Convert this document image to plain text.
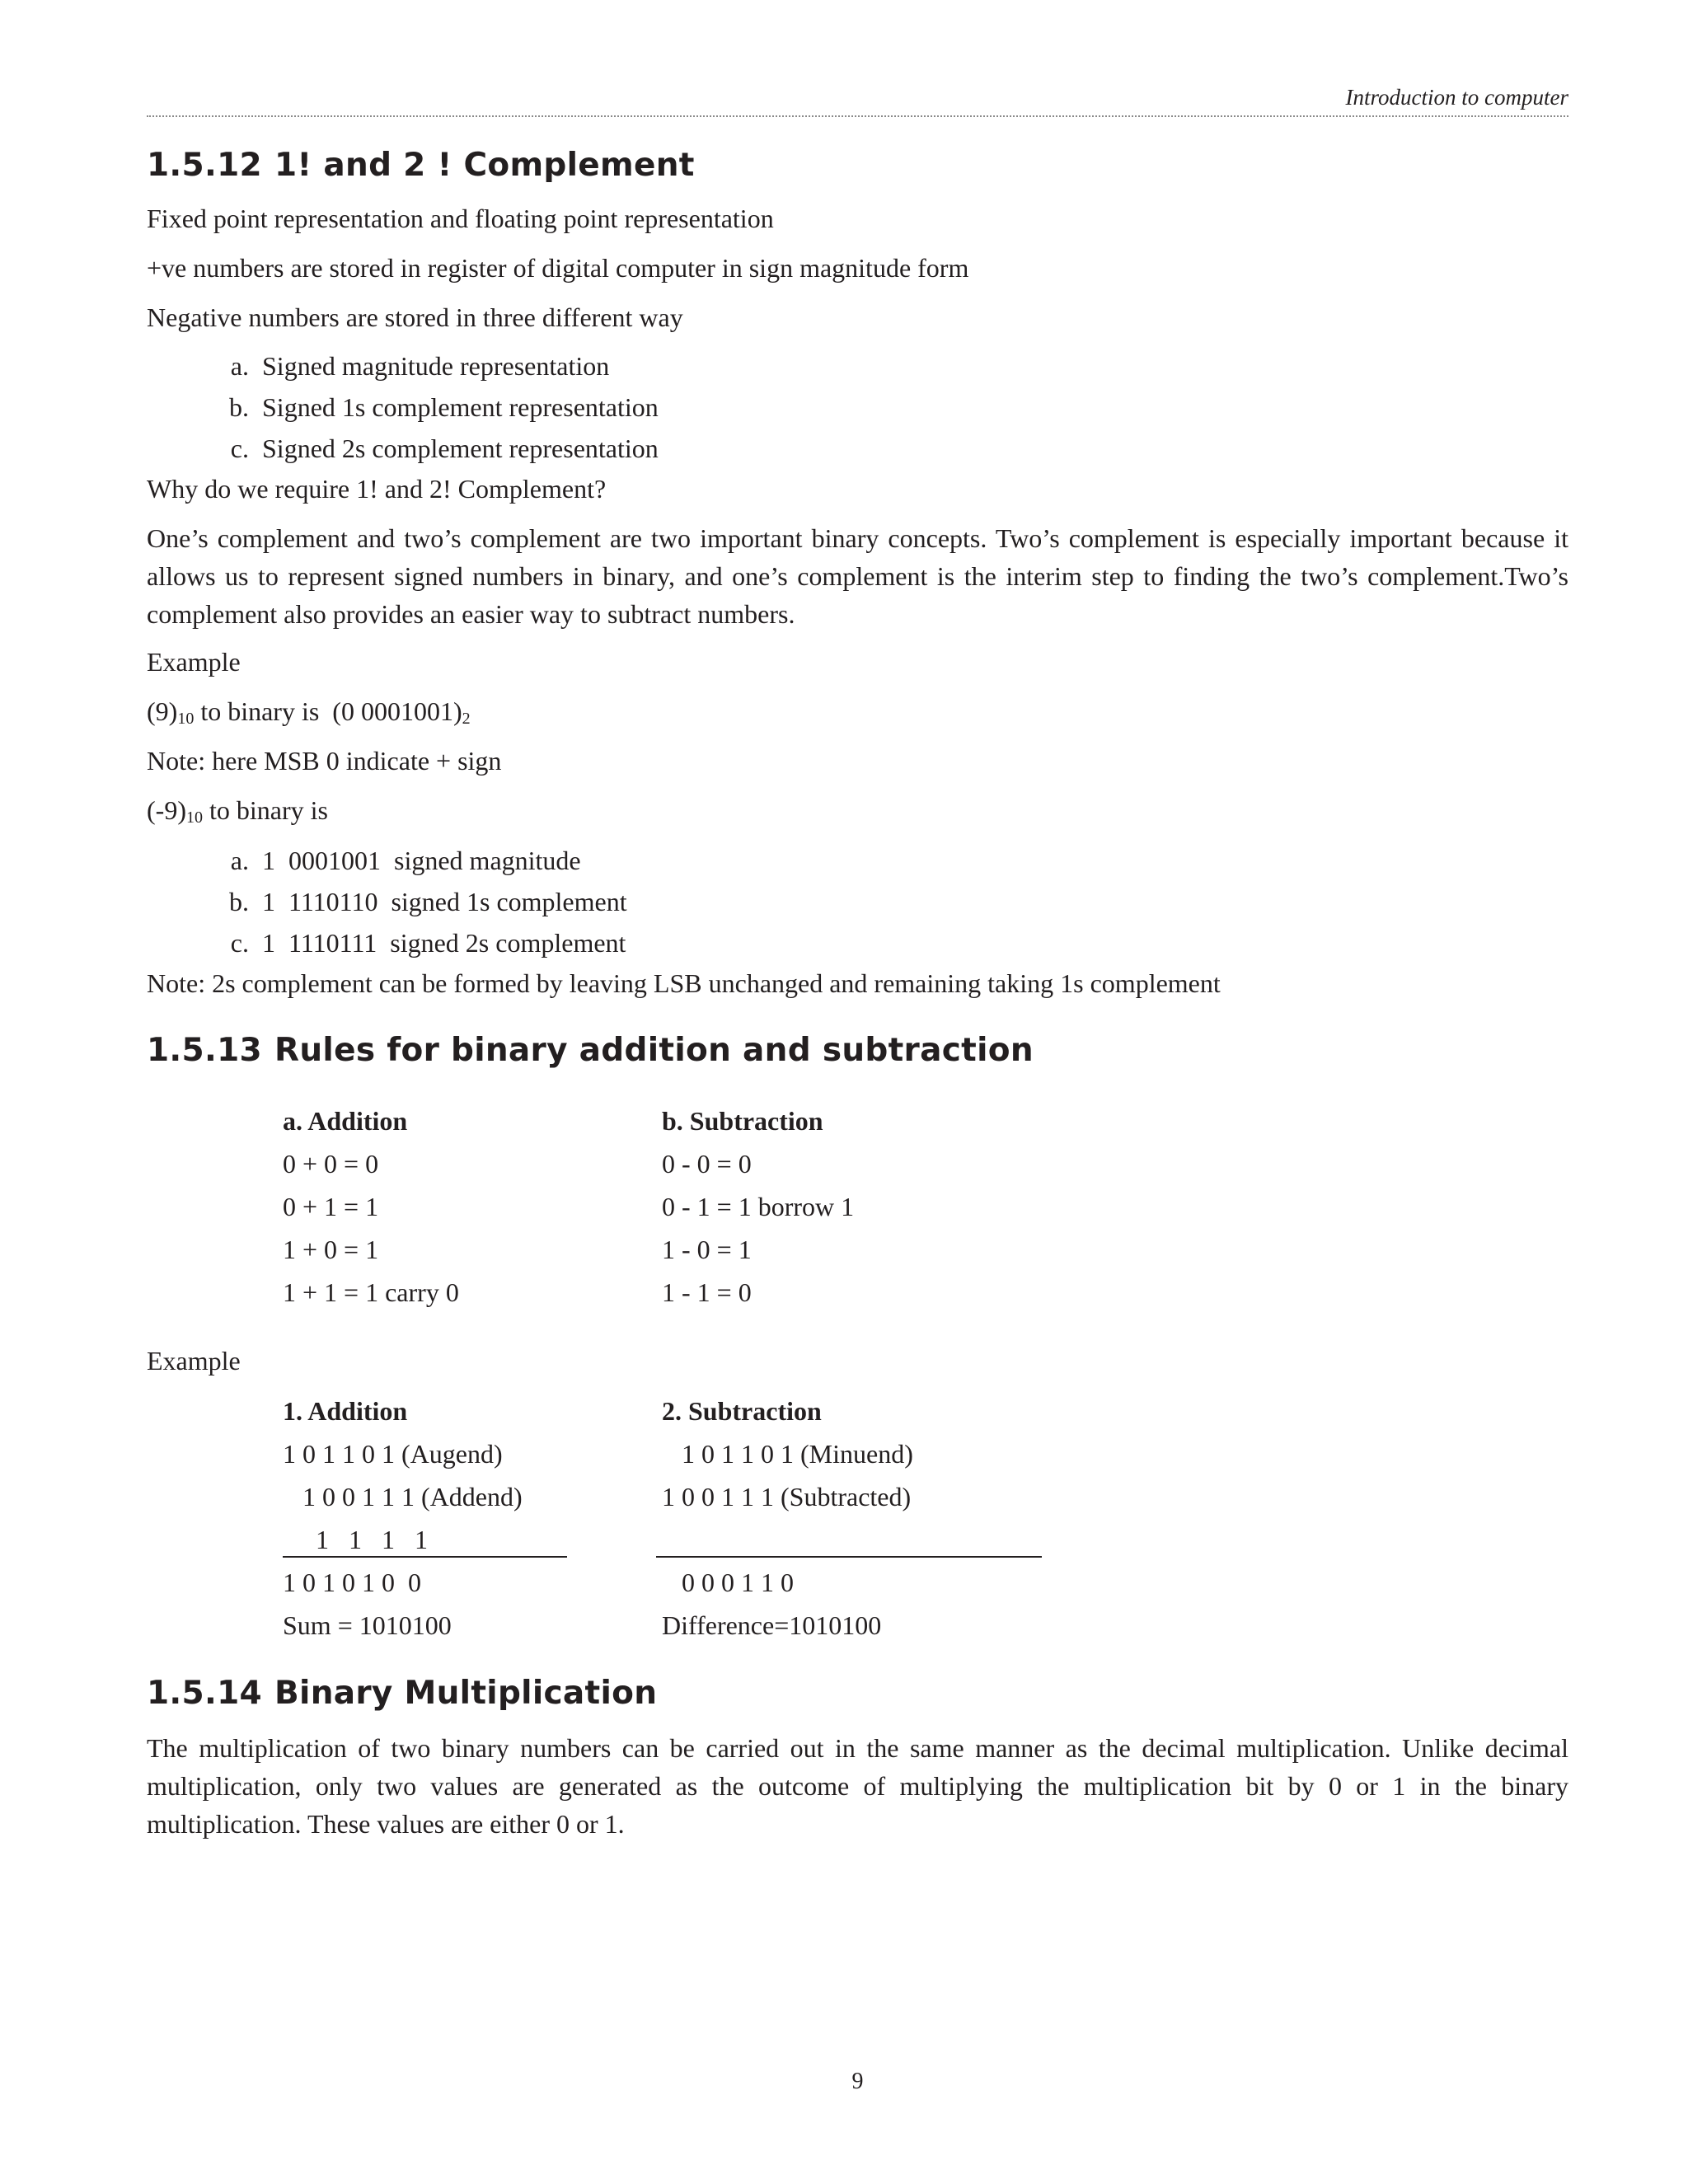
Introduction to computer
1.5.12 1! and 2 ! Complement
Fixed point representation and floating point representation
+ve numbers are stored in register of digital computer in sign magnitude form
Negative numbers are stored in three different way
a. Signed magnitude representation
b. Signed 1s complement representation
c. Signed 2s complement representation
Why do we require 1! and 2! Complement?
One’s complement and two’s complement are two important binary concepts. Two’s complement is especially important because it allows us to represent signed numbers in binary, and one’s complement is the interim step to finding the two’s complement.Two’s complement also provides an easier way to subtract numbers.
Example
$(9)_{10}$ to binary is  (0 $0001001)_2$
Note: here MSB 0 indicate + sign
$(-9)_{10}$ to binary is
a. 1  0001001  signed magnitude
b. 1  1110110  signed 1s complement
c. 1  1110111  signed 2s complement
Note: 2s complement can be formed by leaving LSB unchanged and remaining taking 1s complement
1.5.13 Rules for binary addition and subtraction
a. Addition	b. Subtraction
0 + 0 = 0
0 + 1 = 1
1 + 0 = 1
1 + 1 = 1 carry 0
0 - 0 = 0
0 - 1 = 1 borrow 1
1 - 0 = 1
1 - 1 = 0
Example
1. Addition	2. Subtraction
1 0 1 1 0 1 (Augend)
1 0 0 1 1 1 (Addend)
1   1   1   1
1 0 1 0 1 0  0
Sum = 1010100
1 0 1 1 0 1 (Minuend)
1 0 0 1 1 1 (Subtracted)
0 0 0 1 1 0
Difference=1010100
1.5.14 Binary Multiplication
The multiplication of two binary numbers can be carried out in the same manner as the decimal multiplication. Unlike decimal multiplication, only two values are generated as the outcome of multiplying the multiplication bit by 0 or 1 in the binary multiplication. These values are either 0 or 1.
9
